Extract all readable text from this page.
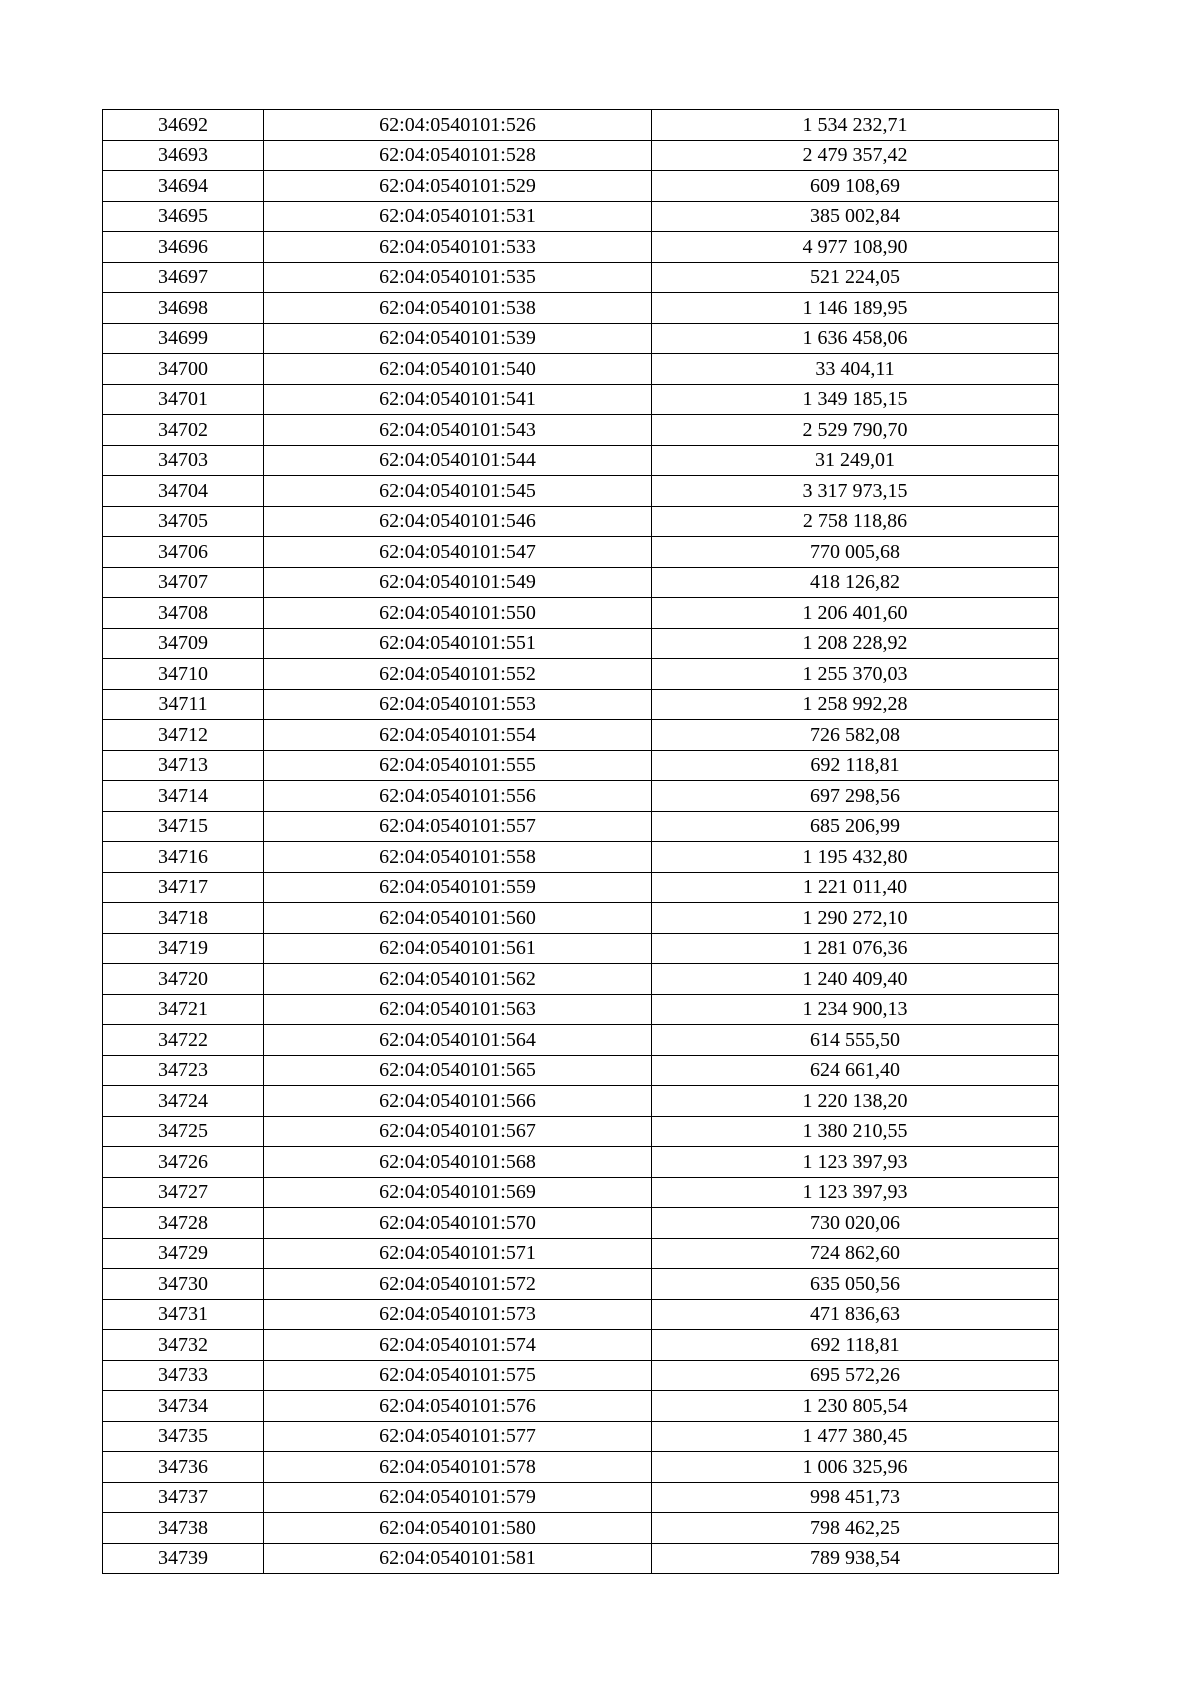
34692	62:04:0540101:526	1 534 232,71
34693	62:04:0540101:528	2 479 357,42
34694	62:04:0540101:529	609 108,69
34695	62:04:0540101:531	385 002,84
34696	62:04:0540101:533	4 977 108,90
34697	62:04:0540101:535	521 224,05
34698	62:04:0540101:538	1 146 189,95
34699	62:04:0540101:539	1 636 458,06
34700	62:04:0540101:540	33 404,11
34701	62:04:0540101:541	1 349 185,15
34702	62:04:0540101:543	2 529 790,70
34703	62:04:0540101:544	31 249,01
34704	62:04:0540101:545	3 317 973,15
34705	62:04:0540101:546	2 758 118,86
34706	62:04:0540101:547	770 005,68
34707	62:04:0540101:549	418 126,82
34708	62:04:0540101:550	1 206 401,60
34709	62:04:0540101:551	1 208 228,92
34710	62:04:0540101:552	1 255 370,03
34711	62:04:0540101:553	1 258 992,28
34712	62:04:0540101:554	726 582,08
34713	62:04:0540101:555	692 118,81
34714	62:04:0540101:556	697 298,56
34715	62:04:0540101:557	685 206,99
34716	62:04:0540101:558	1 195 432,80
34717	62:04:0540101:559	1 221 011,40
34718	62:04:0540101:560	1 290 272,10
34719	62:04:0540101:561	1 281 076,36
34720	62:04:0540101:562	1 240 409,40
34721	62:04:0540101:563	1 234 900,13
34722	62:04:0540101:564	614 555,50
34723	62:04:0540101:565	624 661,40
34724	62:04:0540101:566	1 220 138,20
34725	62:04:0540101:567	1 380 210,55
34726	62:04:0540101:568	1 123 397,93
34727	62:04:0540101:569	1 123 397,93
34728	62:04:0540101:570	730 020,06
34729	62:04:0540101:571	724 862,60
34730	62:04:0540101:572	635 050,56
34731	62:04:0540101:573	471 836,63
34732	62:04:0540101:574	692 118,81
34733	62:04:0540101:575	695 572,26
34734	62:04:0540101:576	1 230 805,54
34735	62:04:0540101:577	1 477 380,45
34736	62:04:0540101:578	1 006 325,96
34737	62:04:0540101:579	998 451,73
34738	62:04:0540101:580	798 462,25
34739	62:04:0540101:581	789 938,54
